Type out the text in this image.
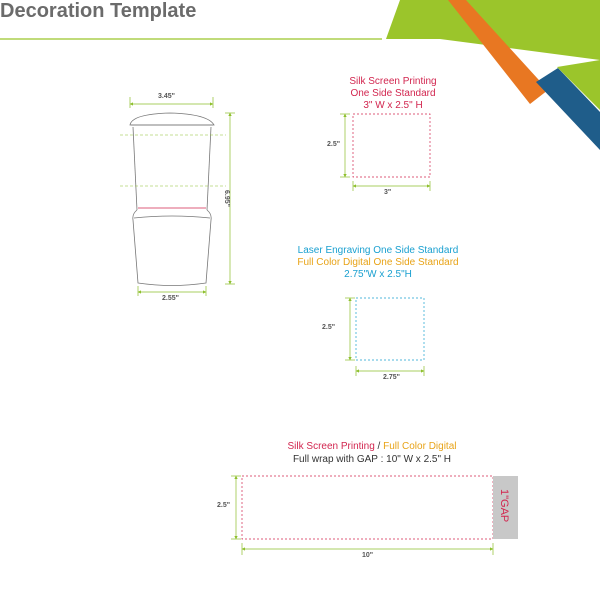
Decoration Template
3.45"
6.95"
2.55"
Silk Screen Printing
One Side Standard
3" W x 2.5" H
2.5"
3"
Laser Engraving One Side Standard
Full Color Digital One Side Standard
2.75"W x 2.5"H
2.5"
2.75"
Silk Screen Printing / Full Color Digital
Full wrap with GAP : 10" W x 2.5" H
2.5"
10"
1"GAP
